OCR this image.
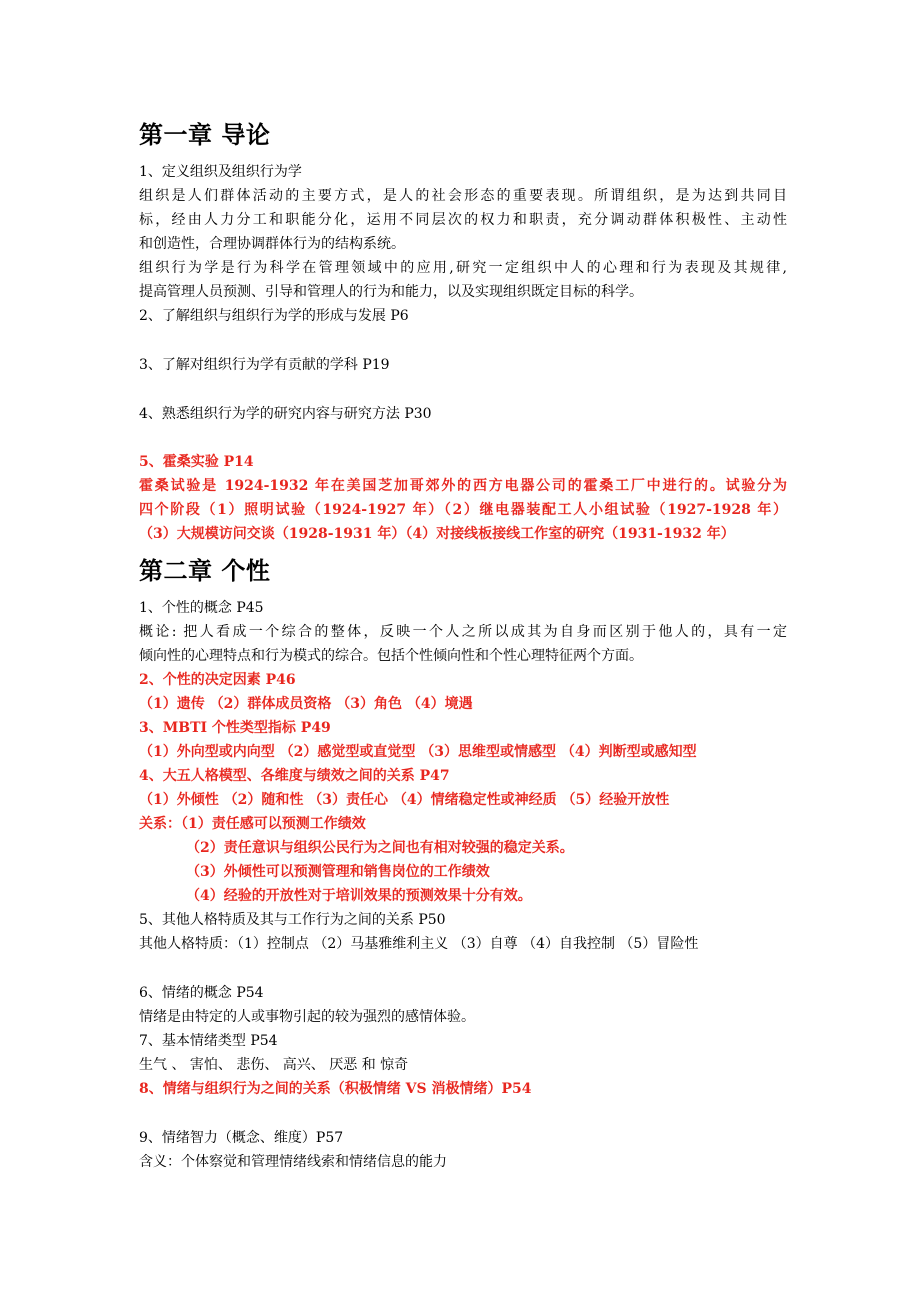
第一章 导论
1、定义组织及组织行为学
组织是人们群体活动的主要方式，是人的社会形态的重要表现。所谓组织，是为达到共同目
标，经由人力分工和职能分化，运用不同层次的权力和职责，充分调动群体积极性、主动性
和创造性，合理协调群体行为的结构系统。
组织行为学是行为科学在管理领域中的应用,研究一定组织中人的心理和行为表现及其规律,
提高管理人员预测、引导和管理人的行为和能力，以及实现组织既定目标的科学。
2、了解组织与组织行为学的形成与发展 P6
3、了解对组织行为学有贡献的学科 P19
4、熟悉组织行为学的研究内容与研究方法 P30
5、霍桑实验 P14
霍桑试验是 1924-1932 年在美国芝加哥郊外的西方电器公司的霍桑工厂中进行的。试验分为
四个阶段（1）照明试验（1924-1927 年）（2）继电器装配工人小组试验（1927-1928 年）
（3）大规模访问交谈（1928-1931 年）（4）对接线板接线工作室的研究（1931-1932 年）
第二章 个性
1、个性的概念 P45
概论: 把人看成一个综合的整体，反映一个人之所以成其为自身而区别于他人的，具有一定
倾向性的心理特点和行为模式的综合。包括个性倾向性和个性心理特征两个方面。
2、个性的决定因素 P46
（1）遗传 （2）群体成员资格 （3）角色 （4）境遇
3、MBTI 个性类型指标 P49
（1）外向型或内向型 （2）感觉型或直觉型 （3）思维型或情感型 （4）判断型或感知型
4、大五人格模型、各维度与绩效之间的关系 P47
（1）外倾性 （2）随和性 （3）责任心 （4）情绪稳定性或神经质 （5）经验开放性
关系：（1）责任感可以预测工作绩效
（2）责任意识与组织公民行为之间也有相对较强的稳定关系。
（3）外倾性可以预测管理和销售岗位的工作绩效
（4）经验的开放性对于培训效果的预测效果十分有效。
5、其他人格特质及其与工作行为之间的关系 P50
其他人格特质：（1）控制点 （2）马基雅维利主义 （3）自尊 （4）自我控制 （5）冒险性
6、情绪的概念 P54
情绪是由特定的人或事物引起的较为强烈的感情体验。
7、基本情绪类型 P54
生气 、 害怕、 悲伤、 高兴、 厌恶 和 惊奇
8、情绪与组织行为之间的关系（积极情绪 VS 消极情绪）P54
9、情绪智力（概念、维度）P57
含义：个体察觉和管理情绪线索和情绪信息的能力
